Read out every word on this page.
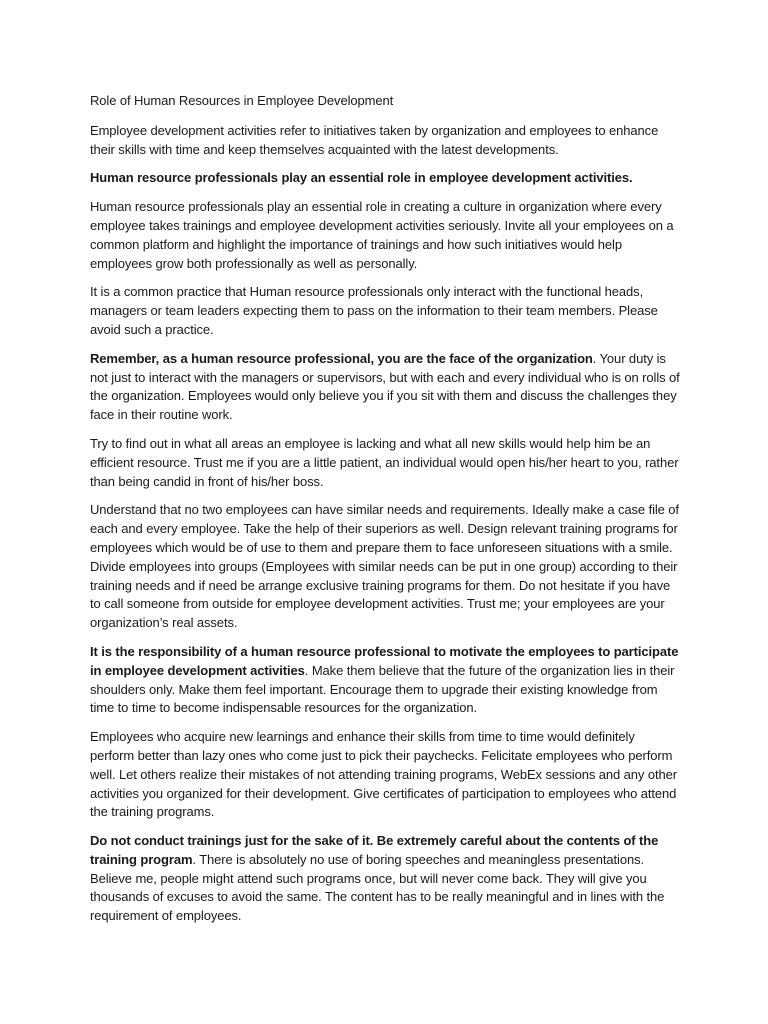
Role of Human Resources in Employee Development

Employee development activities refer to initiatives taken by organization and employees to enhance their skills with time and keep themselves acquainted with the latest developments.

Human resource professionals play an essential role in employee development activities.

Human resource professionals play an essential role in creating a culture in organization where every employee takes trainings and employee development activities seriously. Invite all your employees on a common platform and highlight the importance of trainings and how such initiatives would help employees grow both professionally as well as personally.

It is a common practice that Human resource professionals only interact with the functional heads, managers or team leaders expecting them to pass on the information to their team members. Please avoid such a practice.

Remember, as a human resource professional, you are the face of the organization. Your duty is not just to interact with the managers or supervisors, but with each and every individual who is on rolls of the organization. Employees would only believe you if you sit with them and discuss the challenges they face in their routine work.

Try to find out in what all areas an employee is lacking and what all new skills would help him be an efficient resource. Trust me if you are a little patient, an individual would open his/her heart to you, rather than being candid in front of his/her boss.

Understand that no two employees can have similar needs and requirements. Ideally make a case file of each and every employee. Take the help of their superiors as well. Design relevant training programs for employees which would be of use to them and prepare them to face unforeseen situations with a smile. Divide employees into groups (Employees with similar needs can be put in one group) according to their training needs and if need be arrange exclusive training programs for them. Do not hesitate if you have to call someone from outside for employee development activities. Trust me; your employees are your organization’s real assets.

It is the responsibility of a human resource professional to motivate the employees to participate in employee development activities. Make them believe that the future of the organization lies in their shoulders only. Make them feel important. Encourage them to upgrade their existing knowledge from time to time to become indispensable resources for the organization.

Employees who acquire new learnings and enhance their skills from time to time would definitely perform better than lazy ones who come just to pick their paychecks. Felicitate employees who perform well. Let others realize their mistakes of not attending training programs, WebEx sessions and any other activities you organized for their development. Give certificates of participation to employees who attend the training programs.

Do not conduct trainings just for the sake of it. Be extremely careful about the contents of the training program. There is absolutely no use of boring speeches and meaningless presentations. Believe me, people might attend such programs once, but will never come back. They will give you thousands of excuses to avoid the same. The content has to be really meaningful and in lines with the requirement of employees.
